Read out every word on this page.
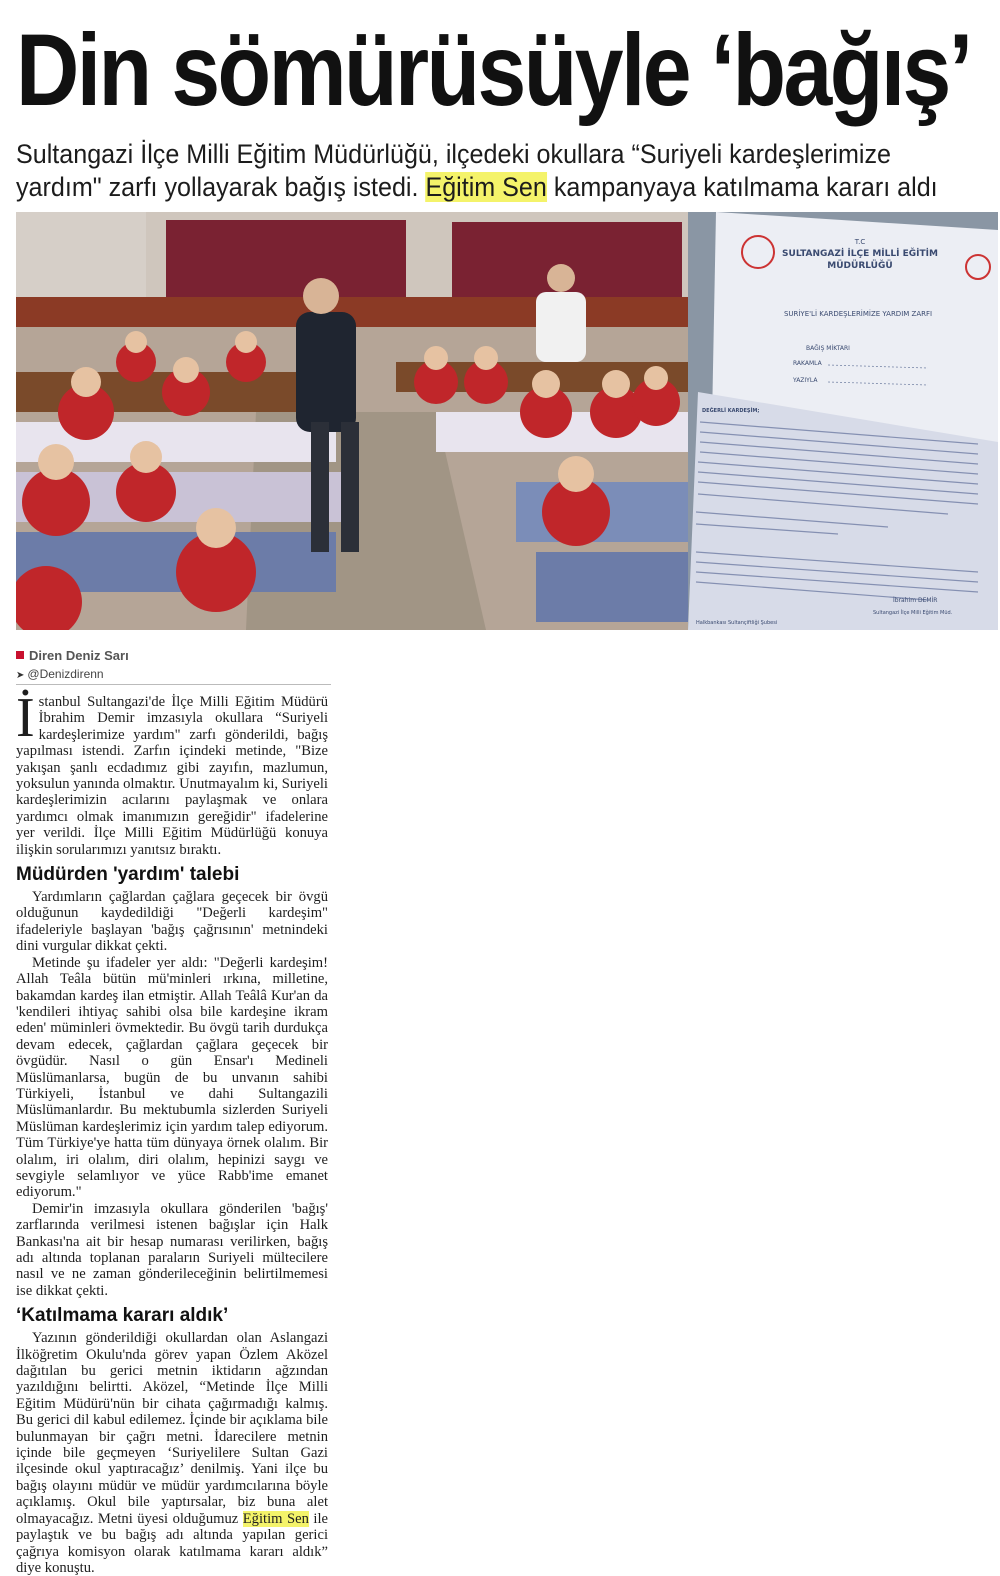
Din sömürüsüyle ‘bağış’
Sultangazi İlçe Milli Eğitim Müdürlüğü, ilçedeki okullara “Suriyeli kardeşlerimize
yardım" zarfı yollayarak bağış istedi. Eğitim Sen kampanyaya katılmama kararı aldı
T.C
SULTANGAZİ İLÇE MİLLİ EĞİTİM
MÜDÜRLÜĞÜ
SURİYE'Lİ KARDEŞLERİMİZE YARDIM ZARFI
BAĞIŞ MİKTARI
RAKAMLA
YAZIYLA
DEĞERLİ KARDEŞİM;
İbrahim DEMİR
Sultangazi İlçe Milli Eğitim Müd.
Halkbankası Sultançiftliği Şubesi
Diren Deniz Sarı
➤ @Denizdirenn

İstanbul Sultangazi'de İlçe Milli Eğitim Müdürü İbrahim Demir imzasıyla okullara “Suriyeli kardeşlerimize yardım" zarfı gönderildi, bağış yapılması istendi. Zarfın içindeki metinde, "Bize yakışan şanlı ecdadımız gibi zayıfın, mazlumun, yoksulun yanında olmaktır. Unutmayalım ki, Suriyeli kardeşlerimizin acılarını paylaşmak ve onlara yardımcı olmak imanımızın gereğidir" ifadelerine yer verildi. İlçe Milli Eğitim Müdürlüğü konuya ilişkin sorularımızı yanıtsız bıraktı.

Müdürden 'yardım' talebi

Yardımların çağlardan çağlara geçecek bir övgü olduğunun kaydedildiği "Değerli kardeşim" ifadeleriyle başlayan 'bağış çağrısının' metnindeki dini vurgular dikkat çekti.

Metinde şu ifadeler yer aldı: "Değerli kardeşim! Allah Teâla bütün mü'minleri ırkına, milletine, bakamdan kardeş ilan etmiştir. Allah Teâlâ Kur'an da 'kendileri ihtiyaç sahibi olsa bile kardeşine ikram eden' müminleri övmektedir. Bu övgü tarih durdukça devam edecek, çağlardan çağlara geçecek bir övgüdür. Nasıl o gün Ensar'ı Medineli Müslümanlarsa, bugün de bu unvanın sahibi Türkiyeli, İstanbul ve dahi Sultangazili Müslümanlardır. Bu mektubumla sizlerden Suriyeli Müslüman kardeşlerimiz için yardım talep ediyorum. Tüm Türkiye'ye hatta tüm dünyaya örnek olalım. Bir olalım, iri olalım, diri olalım, hepinizi saygı ve sevgiyle selamlıyor ve yüce Rabb'ime emanet ediyorum."

Demir'in imzasıyla okullara gönderilen 'bağış' zarflarında verilmesi istenen bağışlar için Halk Bankası'na ait bir hesap numarası verilirken, bağış adı altında toplanan paraların Suriyeli mültecilere nasıl ve ne zaman gönderileceğinin belirtilmemesi ise dikkat çekti.

‘Katılmama kararı aldık’

Yazının gönderildiği okullardan olan Aslangazi İlköğretim Okulu'nda görev yapan Özlem Aközel dağıtılan bu gerici metnin iktidarın ağzından yazıldığını belirtti. Aközel, “Metinde İlçe Milli Eğitim Müdürü'nün bir cihata çağırmadığı kalmış. Bu gerici dil kabul edilemez. İçinde bir açıklama bile bulunmayan bir çağrı metni. İdarecilere metnin içinde bile geçmeyen ‘Suriyelilere Sultan Gazi ilçesinde okul yaptıracağız’ denilmiş. Yani ilçe bu bağış olayını müdür ve müdür yardımcılarına böyle açıklamış. Okul bile yaptırsalar, biz buna alet olmayacağız. Metni üyesi olduğumuz Eğitim Sen ile paylaştık ve bu bağış adı altında yapılan gerici çağrıya komisyon olarak katılmama kararı aldık” diye konuştu.
